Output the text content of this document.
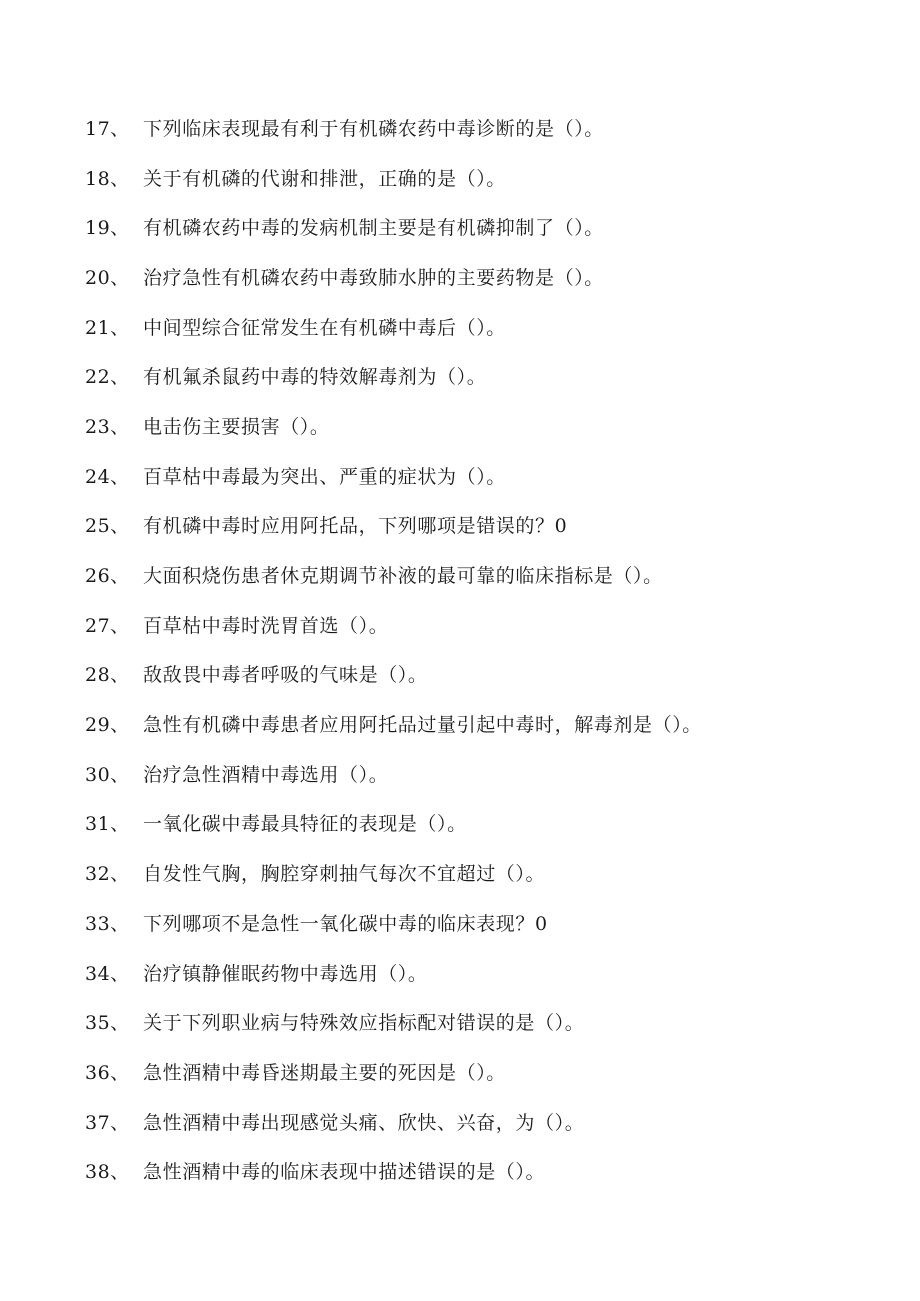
17、 下列临床表现最有利于有机磷农药中毒诊断的是（）。
18、 关于有机磷的代谢和排泄，正确的是（）。
19、 有机磷农药中毒的发病机制主要是有机磷抑制了（）。
20、 治疗急性有机磷农药中毒致肺水肿的主要药物是（）。
21、 中间型综合征常发生在有机磷中毒后（）。
22、 有机氟杀鼠药中毒的特效解毒剂为（）。
23、 电击伤主要损害（）。
24、 百草枯中毒最为突出、严重的症状为（）。
25、 有机磷中毒时应用阿托品，下列哪项是错误的？0
26、 大面积烧伤患者休克期调节补液的最可靠的临床指标是（）。
27、 百草枯中毒时洗胃首选（）。
28、 敌敌畏中毒者呼吸的气味是（）。
29、 急性有机磷中毒患者应用阿托品过量引起中毒时，解毒剂是（）。
30、 治疗急性酒精中毒选用（）。
31、 一氧化碳中毒最具特征的表现是（）。
32、 自发性气胸，胸腔穿刺抽气每次不宜超过（）。
33、 下列哪项不是急性一氧化碳中毒的临床表现？0
34、 治疗镇静催眠药物中毒选用（）。
35、 关于下列职业病与特殊效应指标配对错误的是（）。
36、 急性酒精中毒昏迷期最主要的死因是（）。
37、 急性酒精中毒出现感觉头痛、欣快、兴奋，为（）。
38、 急性酒精中毒的临床表现中描述错误的是（）。
